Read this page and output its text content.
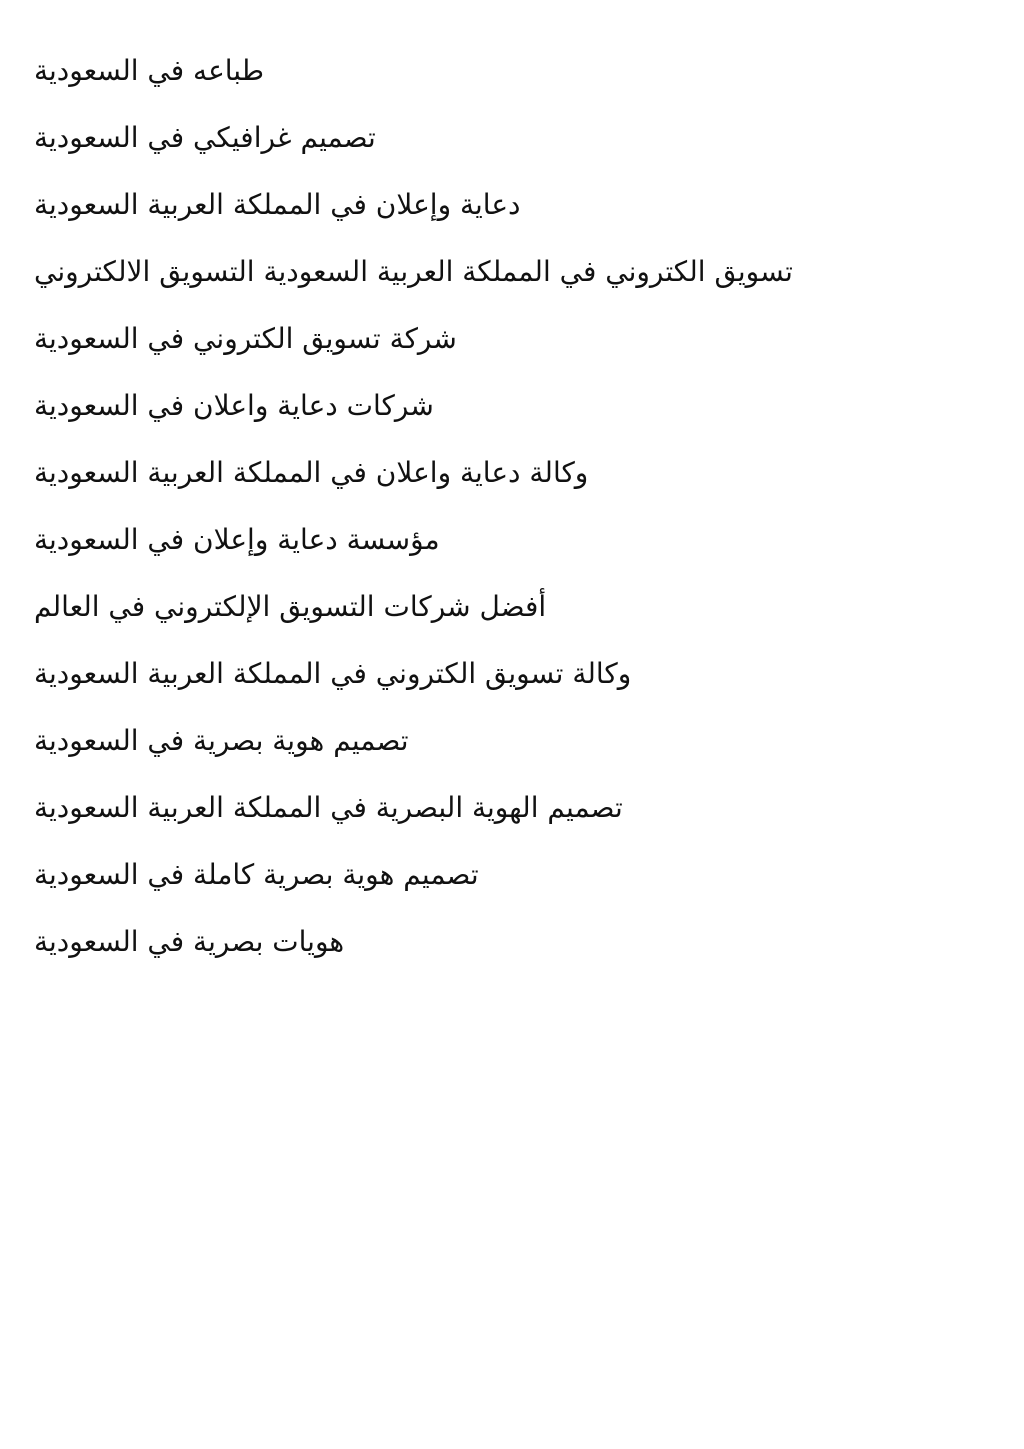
طباعه في السعودية
تصميم غرافيكي في السعودية
دعاية وإعلان في المملكة العربية السعودية
تسويق الكتروني في المملكة العربية السعودية التسويق الالكتروني
شركة تسويق الكتروني في السعودية
شركات دعاية واعلان في السعودية
وكالة دعاية واعلان في المملكة العربية السعودية
مؤسسة دعاية وإعلان في السعودية
أفضل شركات التسويق الإلكتروني في العالم
وكالة تسويق الكتروني في المملكة العربية السعودية
تصميم هوية بصرية في السعودية
تصميم الهوية البصرية في المملكة العربية السعودية
تصميم هوية بصرية كاملة في السعودية
هويات بصرية في السعودية
